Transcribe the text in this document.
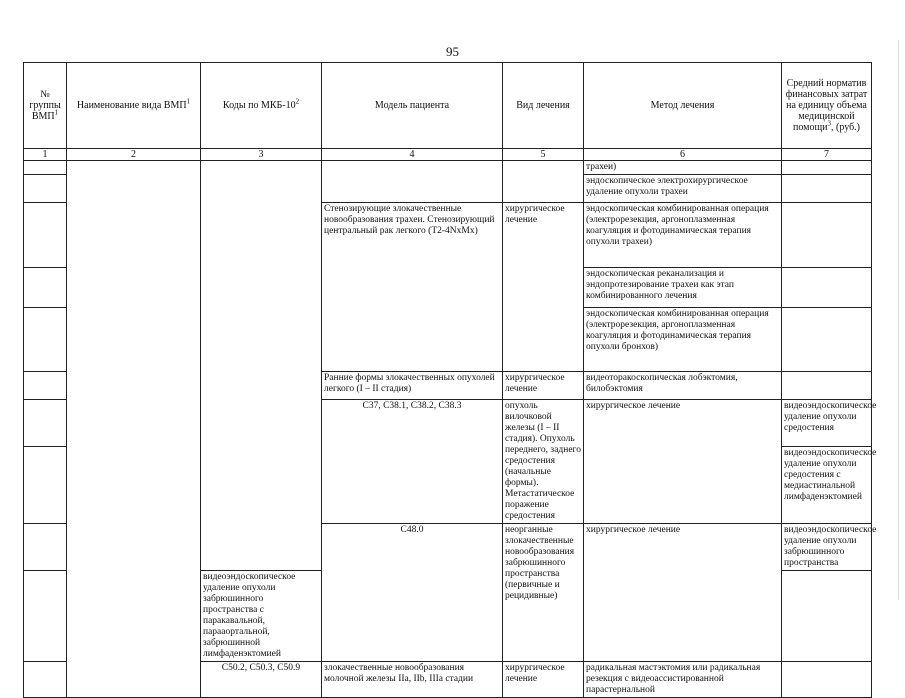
95
№ группы ВМП$^1$	Наименование вида ВМП$^1$	Коды по МКБ-$10^2$	Модель пациента	Вид лечения	Метод лечения	Средний норматив финансовых затрат на единицу объема медицинской помощи$^3$, (руб.)	
1	2	3	4	5	6	7	
					трахеи)		
					эндоскопическое электрохирургическое удаление опухоли трахеи		
			Стенозирующие злокачественные новообразования трахеи. Стенозирующий центральный рак легкого (T2-4NxMx)	хирургическое лечение	эндоскопическая комбинированная операция (электрорезекция, аргоноплазменная коагуляция и фотодинамическая терапия опухоли трахеи)		
					эндоскопическая реканализация и эндопротезирование трахеи как этап комбинированного лечения		
					эндоскопическая комбинированная операция (электрорезекция, аргоноплазменная коагуляция и фотодинамическая терапия опухоли бронхов)		
			Ранние формы злокачественных опухолей легкого (I – II стадия)	хирургическое лечение	видеоторакоскопическая лобэктомия, билобэктомия		
			C37, C38.1, C38.2, C38.3	опухоль вилочковой железы (I – II стадия). Опухоль переднего, заднего средостения (начальные формы). Метастатическое поражение средостения	хирургическое лечение	видеоэндоскопическое удаление опухоли средостения	
						видеоэндоскопическое удаление опухоли средостения с медиастинальной лимфаденэктомией	
			C48.0	неорганные злокачественные новообразования забрюшинного пространства (первичные и рецидивные)	хирургическое лечение	видеоэндоскопическое удаление опухоли забрюшинного пространства	
		видеоэндоскопическое удаление опухоли забрюшинного пространства с паракавальной, парааортальной, забрюшинной лимфаденэктомией					
		C50.2, C50.3, C50.9	злокачественные новообразования молочной железы IIa, IIb, IIIa стадии	хирургическое лечение	радикальная мастэктомия или радикальная резекция с видеоассистированной парастернальной		
